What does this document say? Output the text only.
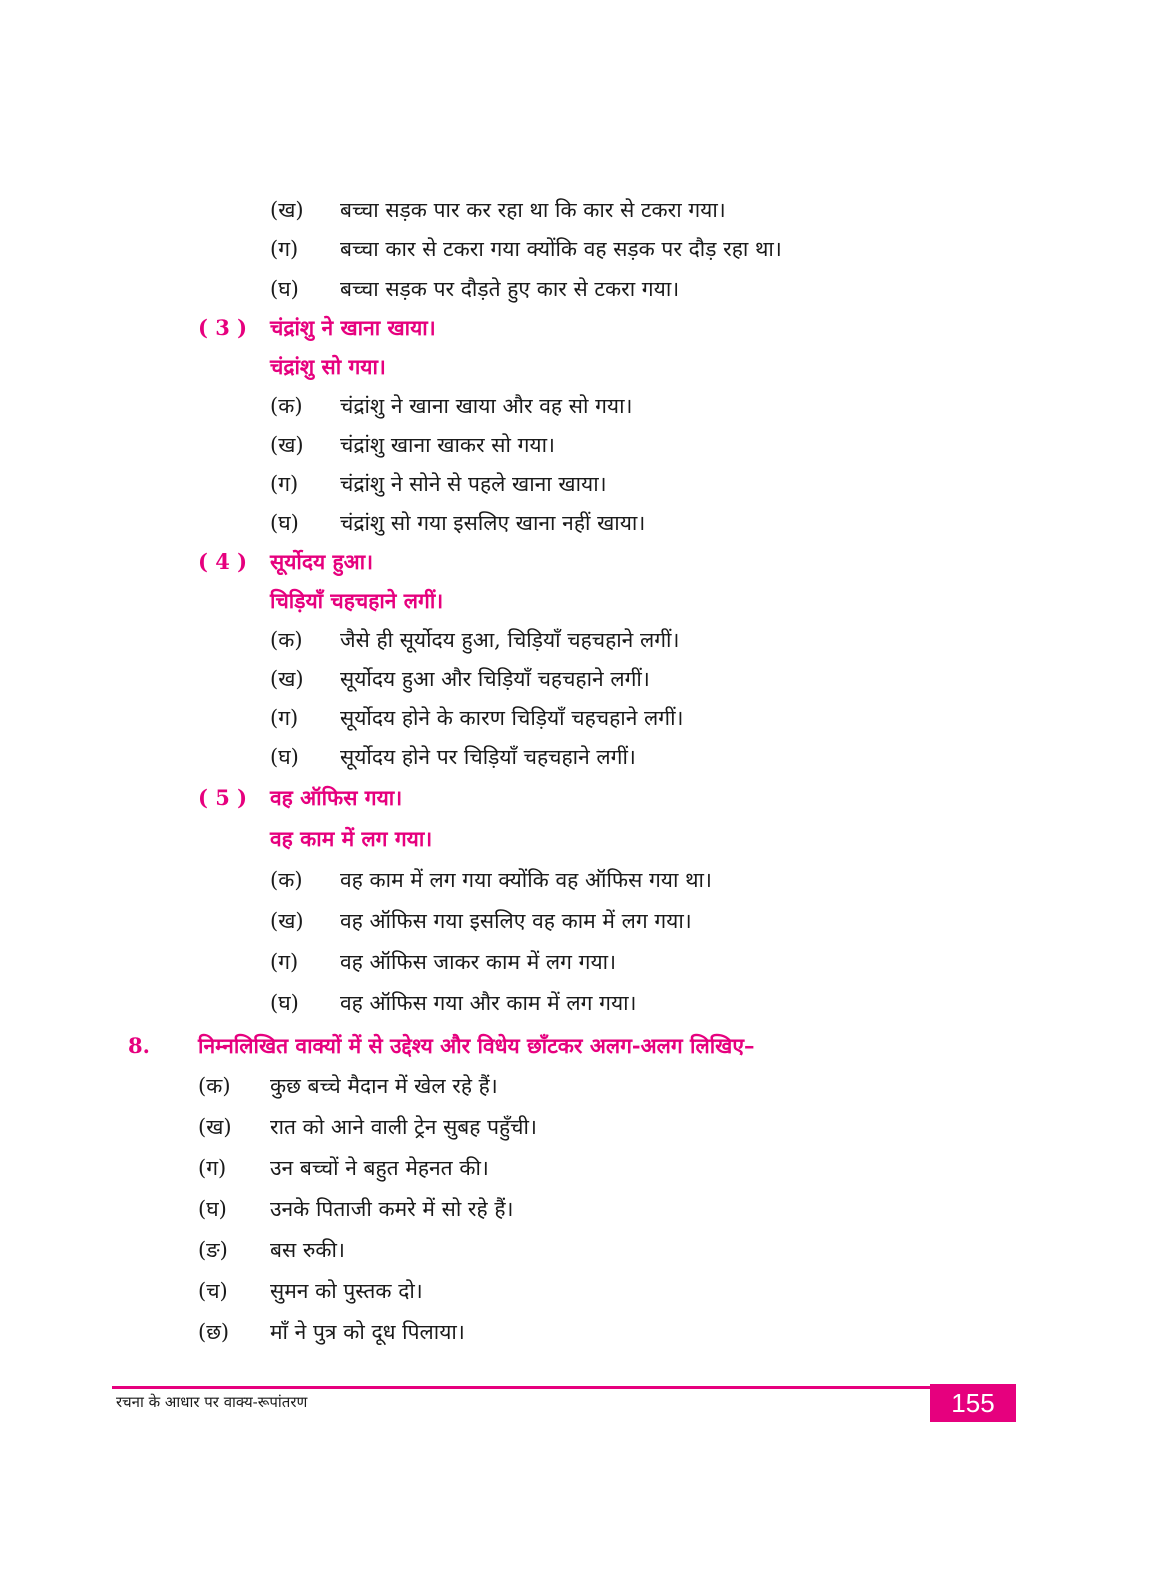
(ख) बच्चा सड़क पार कर रहा था कि कार से टकरा गया।
(ग) बच्चा कार से टकरा गया क्योंकि वह सड़क पर दौड़ रहा था।
(घ) बच्चा सड़क पर दौड़ते हुए कार से टकरा गया।
( 3 ) चंद्रांशु ने खाना खाया।
चंद्रांशु सो गया।
(क) चंद्रांशु ने खाना खाया और वह सो गया।
(ख) चंद्रांशु खाना खाकर सो गया।
(ग) चंद्रांशु ने सोने से पहले खाना खाया।
(घ) चंद्रांशु सो गया इसलिए खाना नहीं खाया।
( 4 ) सूर्योदय हुआ।
चिड़ियाँ चहचहाने लगीं।
(क) जैसे ही सूर्योदय हुआ, चिड़ियाँ चहचहाने लगीं।
(ख) सूर्योदय हुआ और चिड़ियाँ चहचहाने लगीं।
(ग) सूर्योदय होने के कारण चिड़ियाँ चहचहाने लगीं।
(घ) सूर्योदय होने पर चिड़ियाँ चहचहाने लगीं।
( 5 ) वह ऑफिस गया।
वह काम में लग गया।
(क) वह काम में लग गया क्योंकि वह ऑफिस गया था।
(ख) वह ऑफिस गया इसलिए वह काम में लग गया।
(ग) वह ऑफिस जाकर काम में लग गया।
(घ) वह ऑफिस गया और काम में लग गया।
8. निम्नलिखित वाक्यों में से उद्देश्य और विधेय छाँटकर अलग-अलग लिखिए–
(क) कुछ बच्चे मैदान में खेल रहे हैं।
(ख) रात को आने वाली ट्रेन सुबह पहुँची।
(ग) उन बच्चों ने बहुत मेहनत की।
(घ) उनके पिताजी कमरे में सो रहे हैं।
(ङ) बस रुकी।
(च) सुमन को पुस्तक दो।
(छ) माँ ने पुत्र को दूध पिलाया।
रचना के आधार पर वाक्य-रूपांतरण	155
